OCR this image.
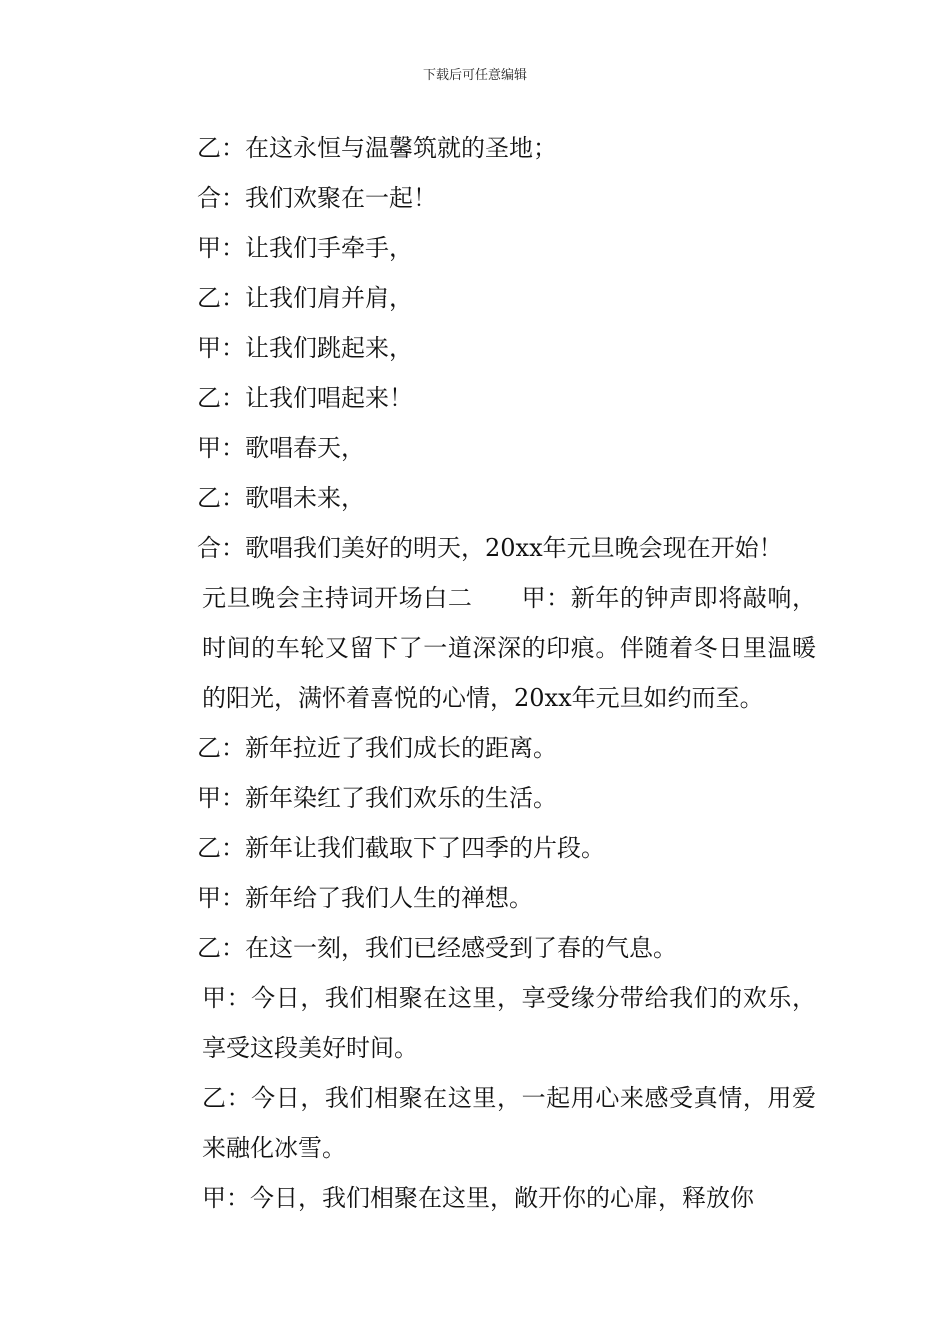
下载后可任意编辑

乙：在这永恒与温馨筑就的圣地；

合：我们欢聚在一起！

甲：让我们手牵手，

乙：让我们肩并肩，

甲：让我们跳起来，

乙：让我们唱起来！

甲：歌唱春天，

乙：歌唱未来，

合：歌唱我们美好的明天，20xx年元旦晚会现在开始！

元旦晚会主持词开场白二　　甲：新年的钟声即将敲响，时间的车轮又留下了一道深深的印痕。伴随着冬日里温暖的阳光，满怀着喜悦的心情，20xx年元旦如约而至。

乙：新年拉近了我们成长的距离。

甲：新年染红了我们欢乐的生活。

乙：新年让我们截取下了四季的片段。

甲：新年给了我们人生的禅想。

乙：在这一刻，我们已经感受到了春的气息。

甲：今日，我们相聚在这里，享受缘分带给我们的欢乐，享受这段美好时间。

乙：今日，我们相聚在这里，一起用心来感受真情，用爱来融化冰雪。

甲：今日，我们相聚在这里，敞开你的心扉，释放你
